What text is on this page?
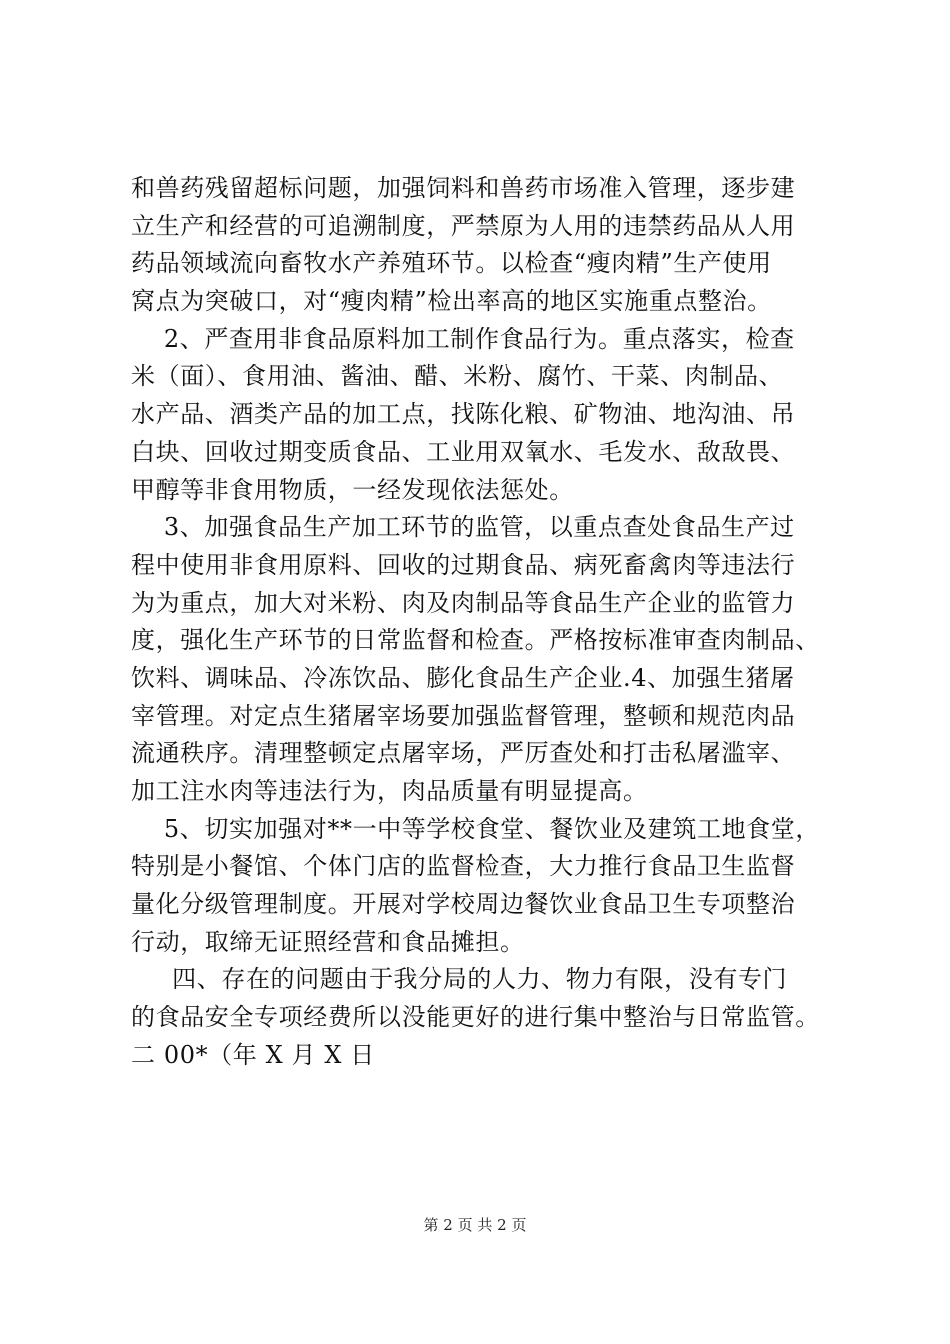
和兽药残留超标问题，加强饲料和兽药市场准入管理，逐步建
立生产和经营的可追溯制度，严禁原为人用的违禁药品从人用
药品领域流向畜牧水产养殖环节。以检查“瘦肉精”生产使用
窝点为突破口，对“瘦肉精”检出率高的地区实施重点整治。
2、严查用非食品原料加工制作食品行为。重点落实，检查
米（面）、食用油、酱油、醋、米粉、腐竹、干菜、肉制品、
水产品、酒类产品的加工点，找陈化粮、矿物油、地沟油、吊
白块、回收过期变质食品、工业用双氧水、毛发水、敌敌畏、
甲醇等非食用物质，一经发现依法惩处。
3、加强食品生产加工环节的监管，以重点查处食品生产过
程中使用非食用原料、回收的过期食品、病死畜禽肉等违法行
为为重点，加大对米粉、肉及肉制品等食品生产企业的监管力
度，强化生产环节的日常监督和检查。严格按标准审查肉制品、
饮料、调味品、冷冻饮品、膨化食品生产企业.4、加强生猪屠
宰管理。对定点生猪屠宰场要加强监督管理，整顿和规范肉品
流通秩序。清理整顿定点屠宰场，严厉查处和打击私屠滥宰、
加工注水肉等违法行为，肉品质量有明显提高。
5、切实加强对**一中等学校食堂、餐饮业及建筑工地食堂，
特别是小餐馆、个体门店的监督检查，大力推行食品卫生监督
量化分级管理制度。开展对学校周边餐饮业食品卫生专项整治
行动，取缔无证照经营和食品摊担。
四、存在的问题由于我分局的人力、物力有限，没有专门
的食品安全专项经费所以没能更好的进行集中整治与日常监管。
二 00*（年 X 月 X 日
第 2 页 共 2 页
